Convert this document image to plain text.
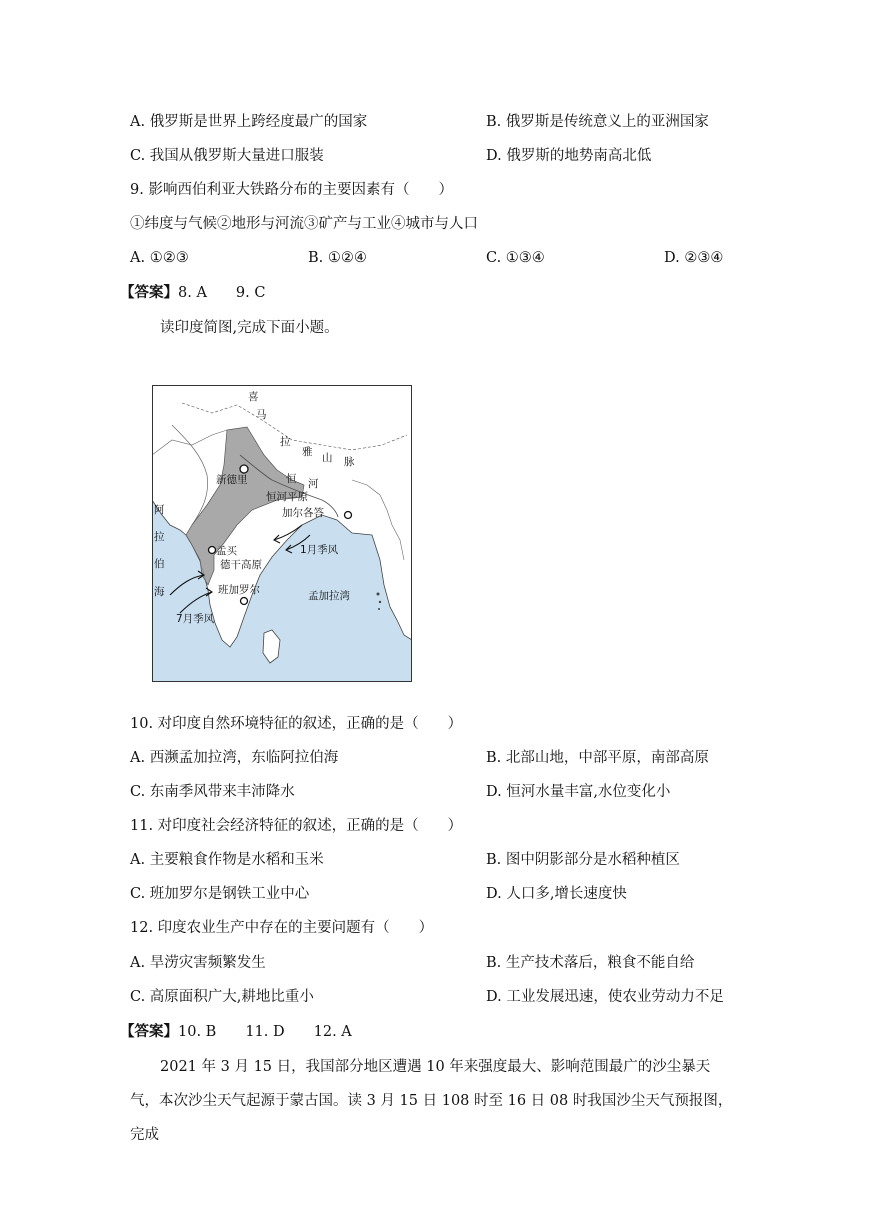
A. 俄罗斯是世界上跨经度最广的国家	B. 俄罗斯是传统意义上的亚洲国家
C. 我国从俄罗斯大量进口服装	D. 俄罗斯的地势南高北低
9. 影响西伯利亚大铁路分布的主要因素有（　　）
①纬度与气候②地形与河流③矿产与工业④城市与人口
A. ①②③	B. ①②④	C. ①③④	D. ②③④
【答案】8. A　　9. C
读印度简图,完成下面小题。
喜
马
拉
雅 山 脉
新德里	恒 河
恒河平原
加尔各答
阿
拉
伯
海
孟买
德干高原
1月季风
班加罗尔	孟加拉湾
7月季风
10. 对印度自然环境特征的叙述，正确的是（　　）
A. 西濒孟加拉湾，东临阿拉伯海	B. 北部山地，中部平原，南部高原
C. 东南季风带来丰沛降水	D. 恒河水量丰富,水位变化小
11. 对印度社会经济特征的叙述，正确的是（　　）
A. 主要粮食作物是水稻和玉米	B. 图中阴影部分是水稻种植区
C. 班加罗尔是钢铁工业中心	D. 人口多,增长速度快
12. 印度农业生产中存在的主要问题有（　　）
A. 旱涝灾害频繁发生	B. 生产技术落后，粮食不能自给
C. 高原面积广大,耕地比重小	D. 工业发展迅速，使农业劳动力不足
【答案】10. B　　11. D　　12. A
2021 年 3 月 15 日，我国部分地区遭遇 10 年来强度最大、影响范围最广的沙尘暴天气，本次沙尘天气起源于蒙古国。读 3 月 15 日 108 时至 16 日 08 时我国沙尘天气预报图，完成
